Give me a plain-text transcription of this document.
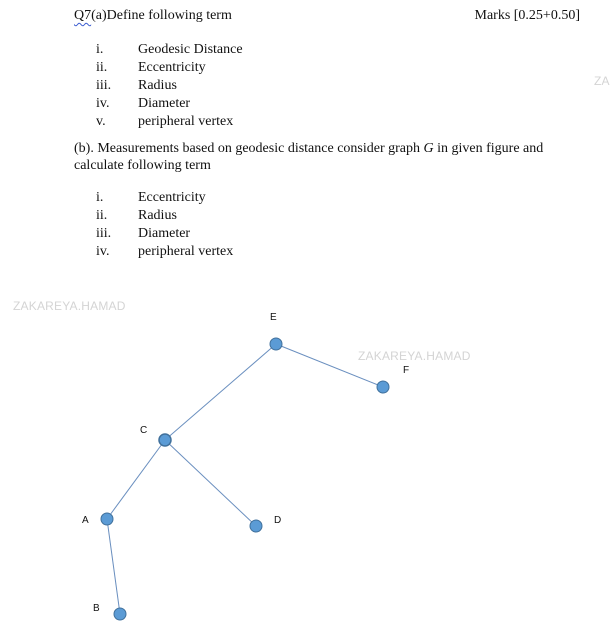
Q7(a)Define following term	Marks [0.25+0.50]
i. Geodesic Distance
ii. Eccentricity
iii. Radius
iv. Diameter
v. peripheral vertex
(b). Measurements based on geodesic distance consider graph G in given figure and calculate following term
i. Eccentricity
ii. Radius
iii. Diameter
iv. peripheral vertex
ZAKAREYA.HAMAD
ZAKAREYA.HAMAD
ZA
E
F
C
A	D
B
